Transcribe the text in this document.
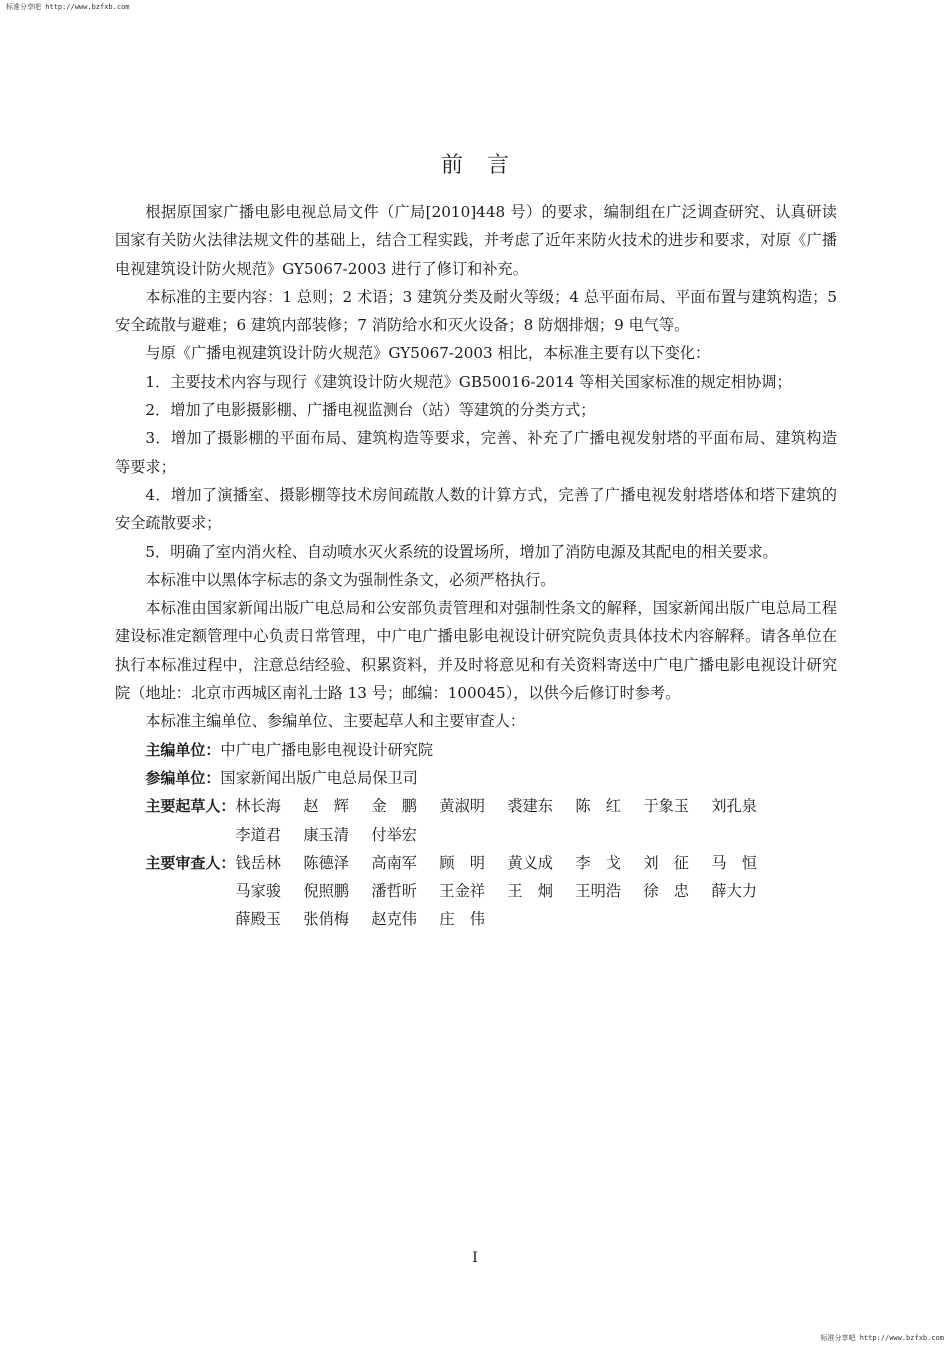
标准分享吧 http://www.bzfxb.com
前言

根据原国家广播电影电视总局文件（广局[2010]448 号）的要求，编制组在广泛调查研究、认真研读国家有关防火法律法规文件的基础上，结合工程实践，并考虑了近年来防火技术的进步和要求，对原《广播电视建筑设计防火规范》GY5067-2003 进行了修订和补充。

本标准的主要内容：1 总则；2 术语；3 建筑分类及耐火等级；4 总平面布局、平面布置与建筑构造；5 安全疏散与避难；6 建筑内部装修；7 消防给水和灭火设备；8 防烟排烟；9 电气等。

与原《广播电视建筑设计防火规范》GY5067-2003 相比，本标准主要有以下变化：

1．主要技术内容与现行《建筑设计防火规范》GB50016-2014 等相关国家标准的规定相协调；

2．增加了电影摄影棚、广播电视监测台（站）等建筑的分类方式；

3．增加了摄影棚的平面布局、建筑构造等要求，完善、补充了广播电视发射塔的平面布局、建筑构造等要求；

4．增加了演播室、摄影棚等技术房间疏散人数的计算方式，完善了广播电视发射塔塔体和塔下建筑的安全疏散要求；

5．明确了室内消火栓、自动喷水灭火系统的设置场所，增加了消防电源及其配电的相关要求。

本标准中以黑体字标志的条文为强制性条文，必须严格执行。

本标准由国家新闻出版广电总局和公安部负责管理和对强制性条文的解释，国家新闻出版广电总局工程建设标准定额管理中心负责日常管理，中广电广播电影电视设计研究院负责具体技术内容解释。请各单位在执行本标准过程中，注意总结经验、积累资料，并及时将意见和有关资料寄送中广电广播电影电视设计研究院（地址：北京市西城区南礼士路 13 号；邮编：100045），以供今后修订时参考。

本标准主编单位、参编单位、主要起草人和主要审查人：

主编单位： 中广电广播电影电视设计研究院
参编单位： 国家新闻出版广电总局保卫司
主要起草人： 林长海	赵　辉	金　鹏	黄淑明	裘建东	陈　红	于象玉	刘孔泉
李道君	康玉清	付举宏
主要审查人： 钱岳林	陈德泽	高南军	顾　明	黄义成	李　戈	刘　征	马　恒
马家骏	倪照鹏	潘哲昕	王金祥	王　炯	王明浩	徐　忠	薛大力
薛殿玉	张俏梅	赵克伟	庄　伟
I
标准分享吧 http://www.bzfxb.com
